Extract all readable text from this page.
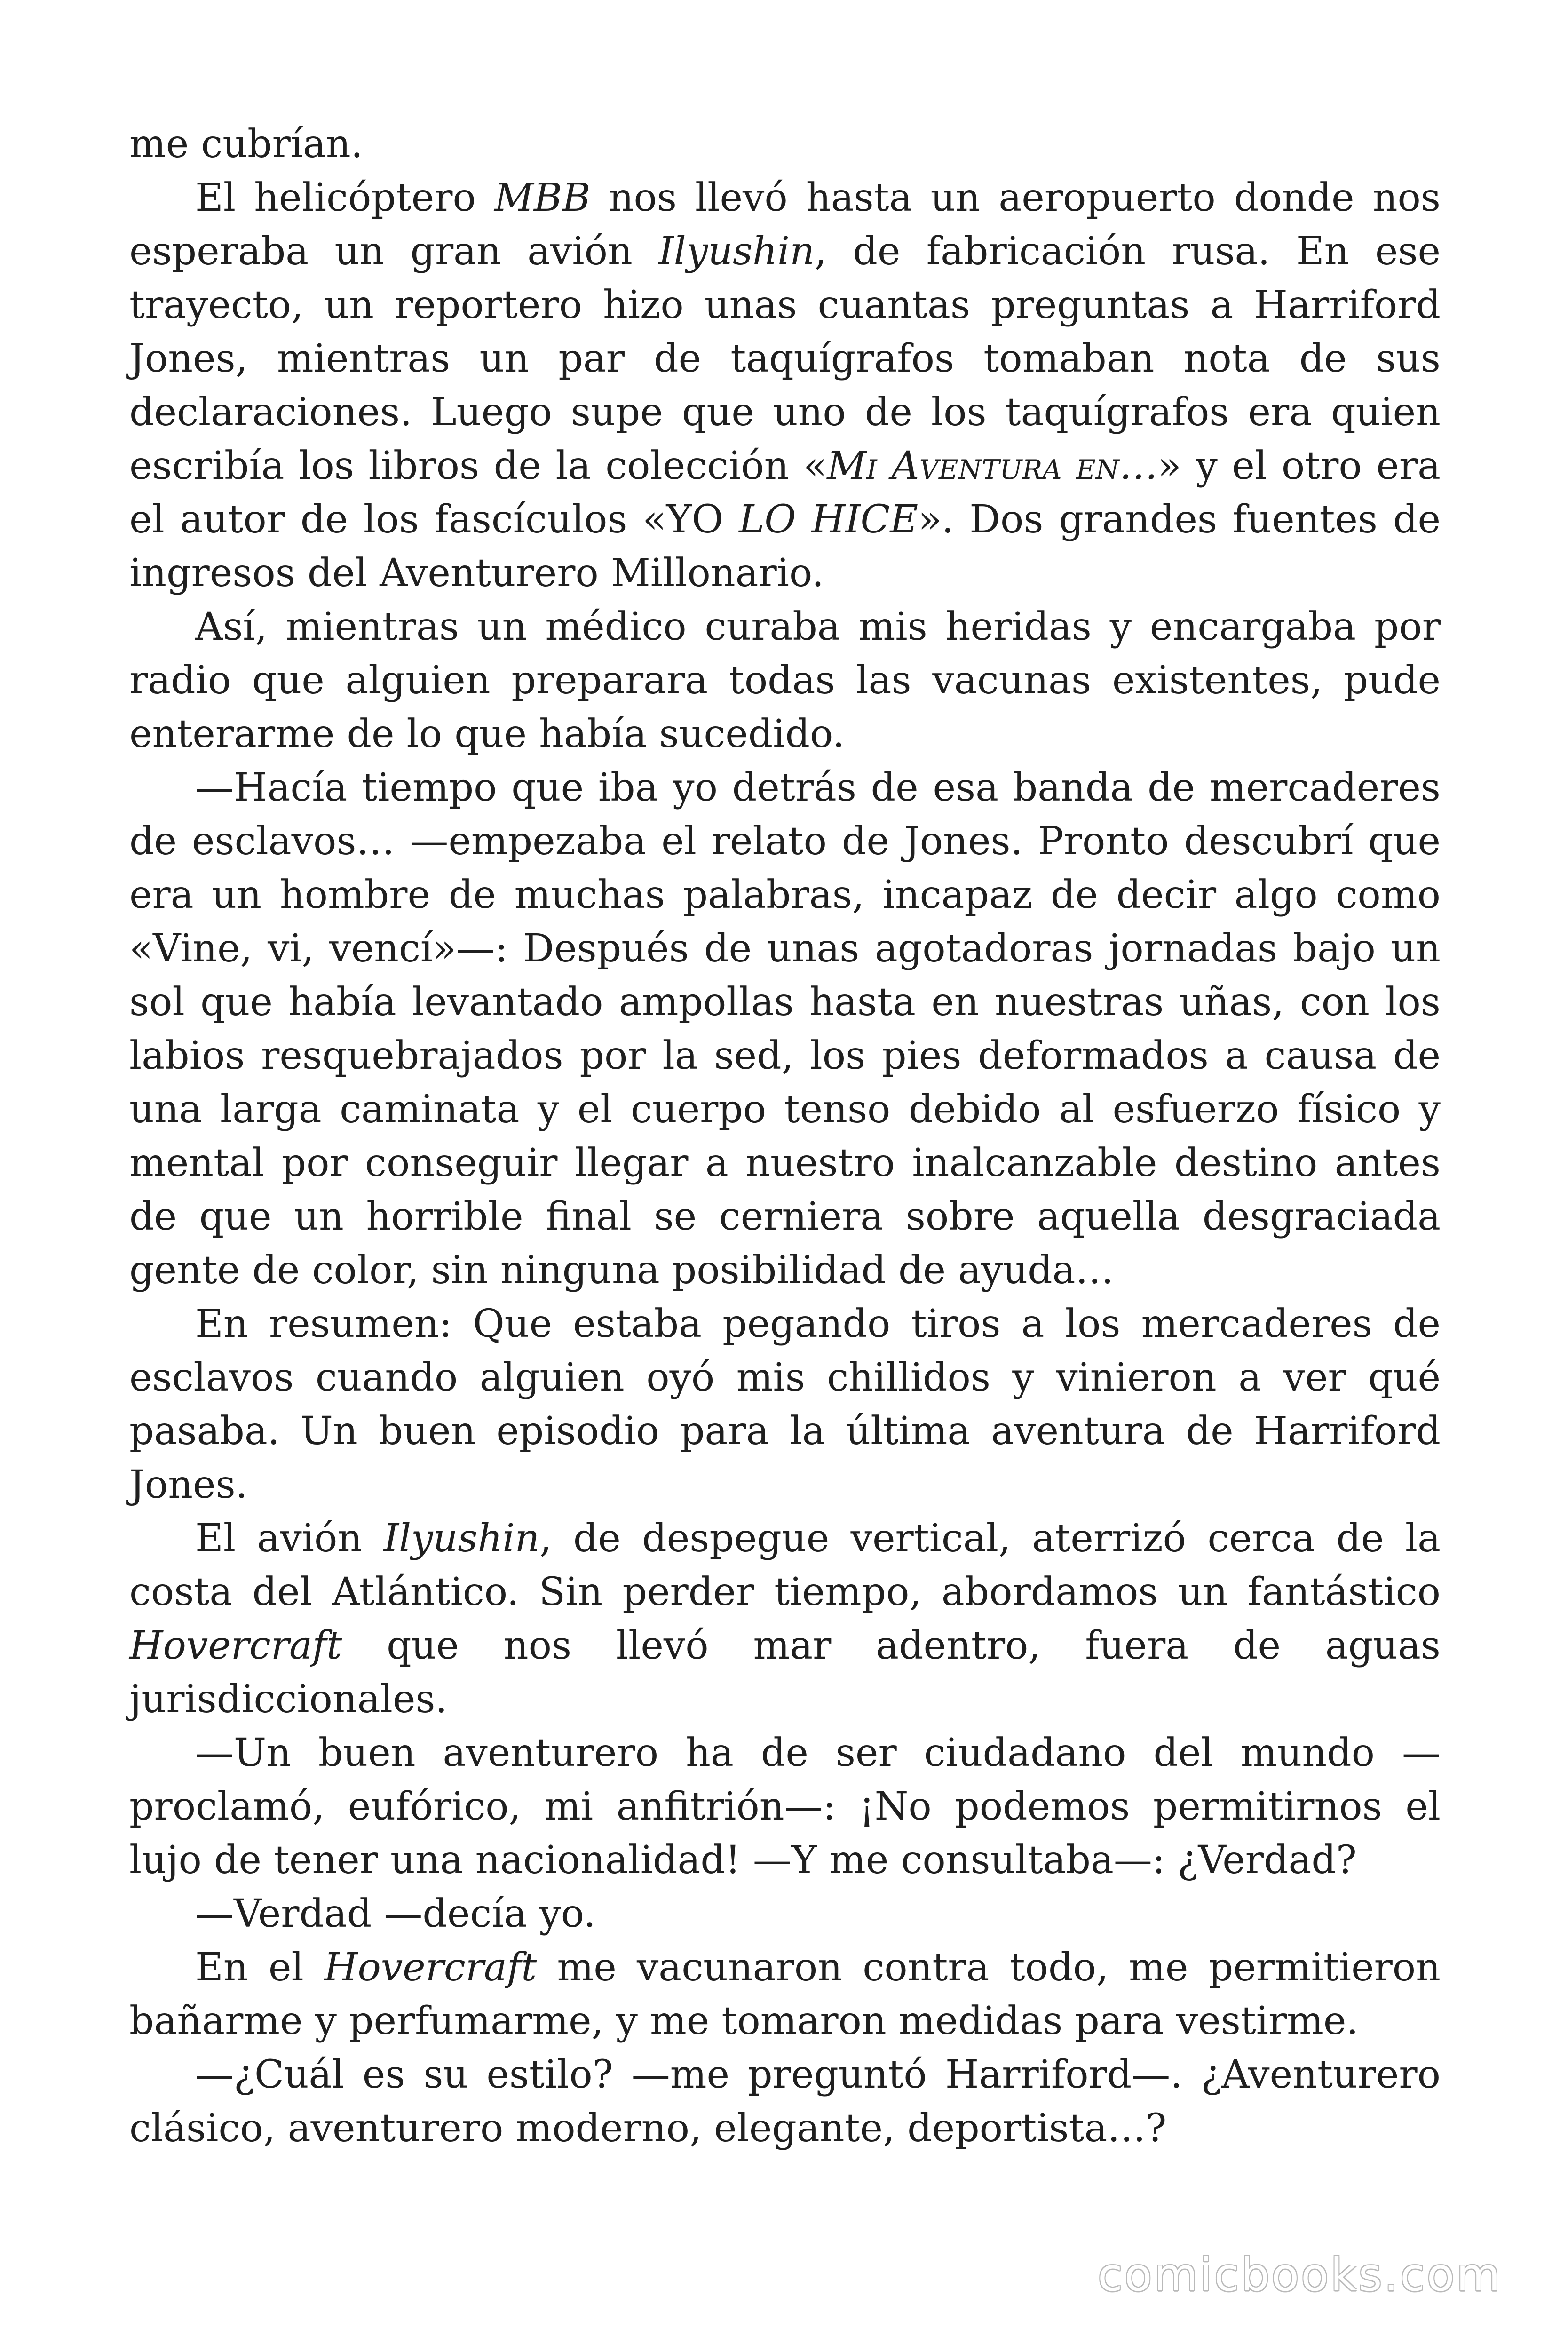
me cubrían.

El helicóptero MBB nos llevó hasta un aeropuerto donde nos esperaba un gran avión Ilyushin, de fabricación rusa. En ese trayecto, un reportero hizo unas cuantas preguntas a Harriford Jones, mientras un par de taquígrafos tomaban nota de sus declaraciones. Luego supe que uno de los taquígrafos era quien escribía los libros de la colección «Mi Aventura en…» y el otro era el autor de los fascículos «YO LO HICE». Dos grandes fuentes de ingresos del Aventurero Millonario.

Así, mientras un médico curaba mis heridas y encargaba por radio que alguien preparara todas las vacunas existentes, pude enterarme de lo que había sucedido.

—Hacía tiempo que iba yo detrás de esa banda de mercaderes de esclavos… —empezaba el relato de Jones. Pronto descubrí que era un hombre de muchas palabras, incapaz de decir algo como «Vine, vi, vencí»—: Después de unas agotadoras jornadas bajo un sol que había levantado ampollas hasta en nuestras uñas, con los labios resquebrajados por la sed, los pies deformados a causa de una larga caminata y el cuerpo tenso debido al esfuerzo físico y mental por conseguir llegar a nuestro inalcanzable destino antes de que un horrible final se cerniera sobre aquella desgraciada gente de color, sin ninguna posibilidad de ayuda…

En resumen: Que estaba pegando tiros a los mercaderes de esclavos cuando alguien oyó mis chillidos y vinieron a ver qué pasaba. Un buen episodio para la última aventura de Harriford Jones.

El avión Ilyushin, de despegue vertical, aterrizó cerca de la costa del Atlántico. Sin perder tiempo, abordamos un fantástico Hovercraft que nos llevó mar adentro, fuera de aguas jurisdiccionales.

—Un buen aventurero ha de ser ciudadano del mundo —proclamó, eufórico, mi anfitrión—: ¡No podemos permitirnos el lujo de tener una nacionalidad! —Y me consultaba—: ¿Verdad?

—Verdad —decía yo.

En el Hovercraft me vacunaron contra todo, me permitieron bañarme y perfumarme, y me tomaron medidas para vestirme.

—¿Cuál es su estilo? —me preguntó Harriford—. ¿Aventurero clásico, aventurero moderno, elegante, deportista…?

comicbooks.com
